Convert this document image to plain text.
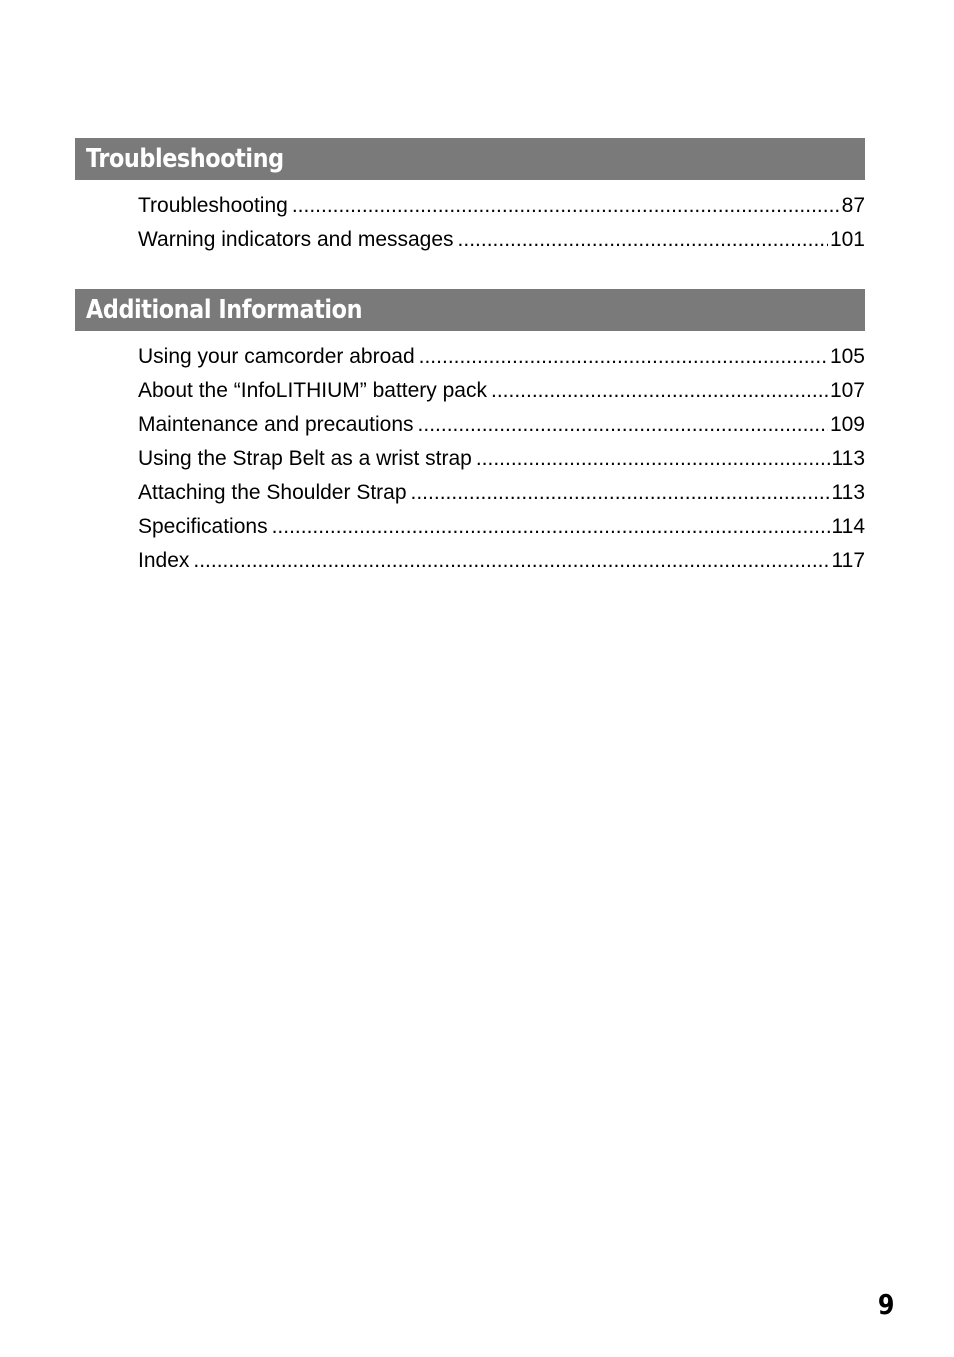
Troubleshooting
Troubleshooting .....	87
Warning indicators and messages .....	101
Additional Information
Using your camcorder abroad .....	105
About the “InfoLITHIUM” battery pack .....	107
Maintenance and precautions .....	109
Using the Strap Belt as a wrist strap .....	113
Attaching the Shoulder Strap .....	113
Specifications .....	114
Index .....	117
9
